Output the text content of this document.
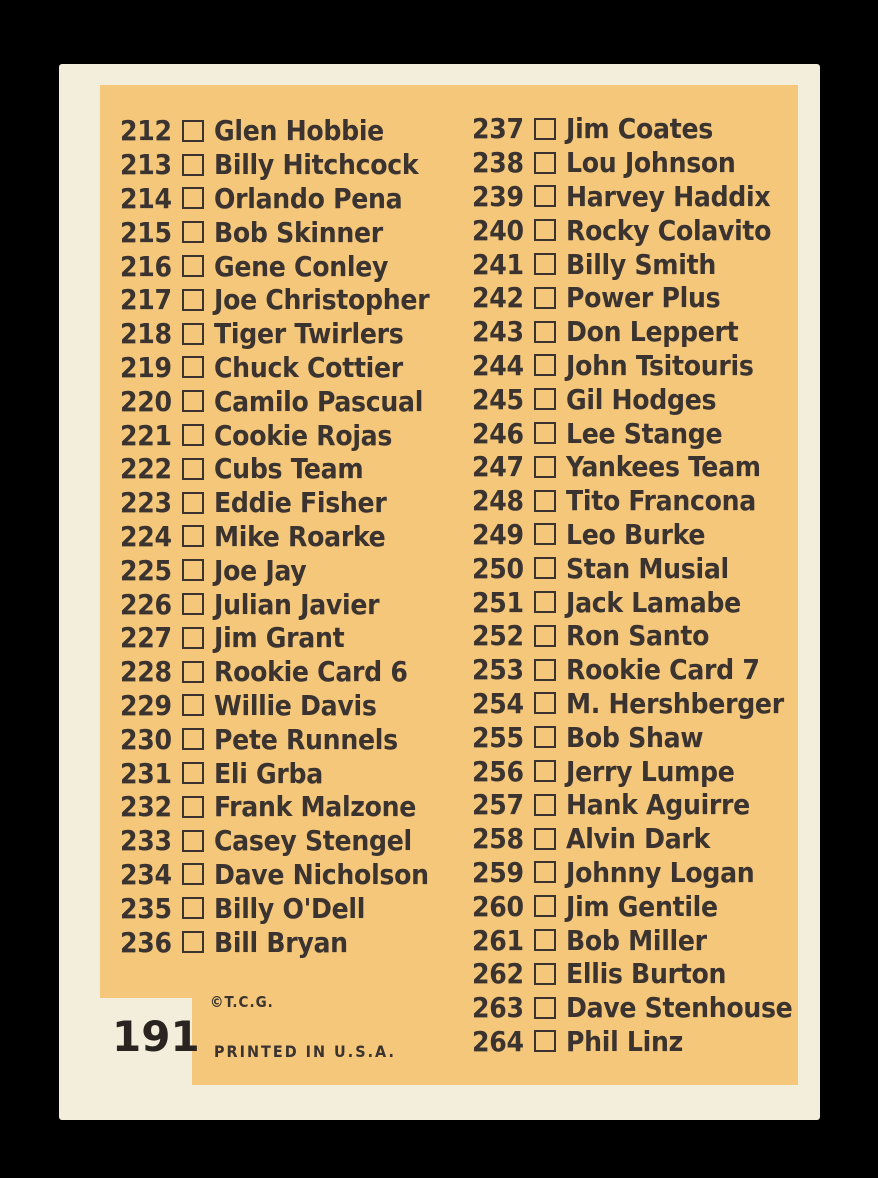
212 Glen Hobbie
213 Billy Hitchcock
214 Orlando Pena
215 Bob Skinner
216 Gene Conley
217 Joe Christopher
218 Tiger Twirlers
219 Chuck Cottier
220 Camilo Pascual
221 Cookie Rojas
222 Cubs Team
223 Eddie Fisher
224 Mike Roarke
225 Joe Jay
226 Julian Javier
227 Jim Grant
228 Rookie Card 6
229 Willie Davis
230 Pete Runnels
231 Eli Grba
232 Frank Malzone
233 Casey Stengel
234 Dave Nicholson
235 Billy O'Dell
236 Bill Bryan
237 Jim Coates
238 Lou Johnson
239 Harvey Haddix
240 Rocky Colavito
241 Billy Smith
242 Power Plus
243 Don Leppert
244 John Tsitouris
245 Gil Hodges
246 Lee Stange
247 Yankees Team
248 Tito Francona
249 Leo Burke
250 Stan Musial
251 Jack Lamabe
252 Ron Santo
253 Rookie Card 7
254 M. Hershberger
255 Bob Shaw
256 Jerry Lumpe
257 Hank Aguirre
258 Alvin Dark
259 Johnny Logan
260 Jim Gentile
261 Bob Miller
262 Ellis Burton
263 Dave Stenhouse
264 Phil Linz
©T.C.G.
PRINTED IN U.S.A.
191
